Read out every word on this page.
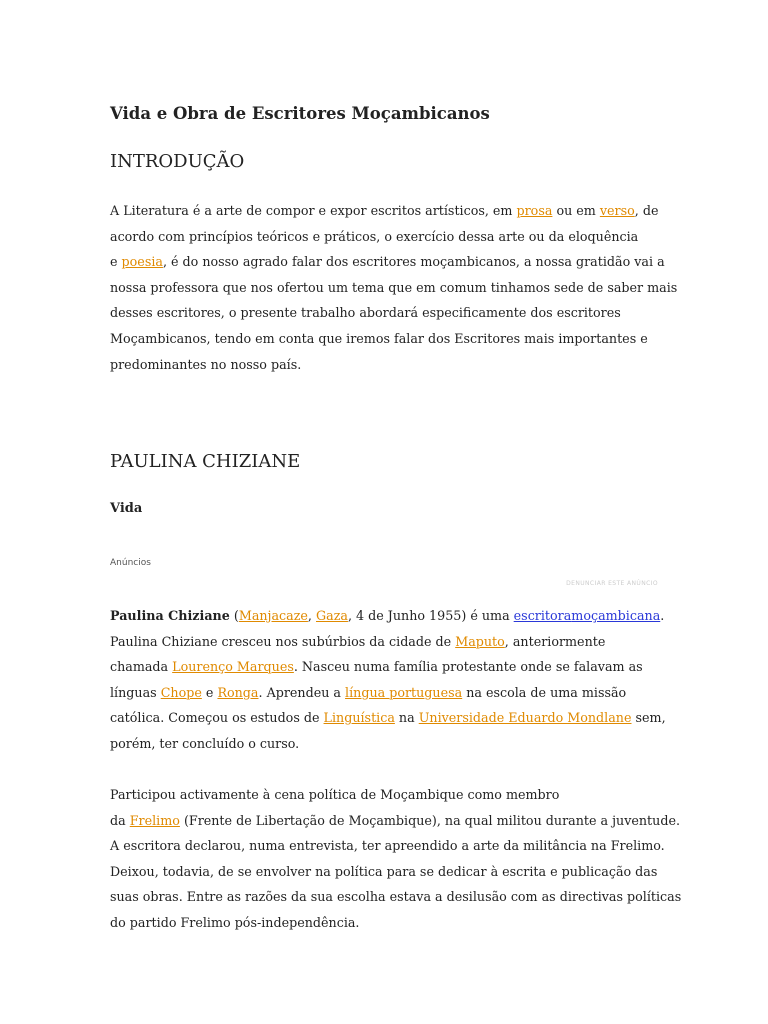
Vida e Obra de Escritores Moçambicanos
INTRODUÇÃO

A Literatura é a arte de compor e expor escritos artísticos, em prosa ou em verso, de
acordo com princípios teóricos e práticos, o exercício dessa arte ou da eloquência
e poesia, é do nosso agrado falar dos escritores moçambicanos, a nossa gratidão vai a
nossa professora que nos ofertou um tema que em comum tinhamos sede de saber mais
desses escritores, o presente trabalho abordará especificamente dos escritores
Moçambicanos, tendo em conta que iremos falar dos Escritores mais importantes e
predominantes no nosso país.

PAULINA CHIZIANE
Vida
Anúncios
DENUNCIAR ESTE ANÚNCIO

Paulina Chiziane (Manjacaze, Gaza, 4 de Junho 1955) é uma escritoramoçambicana.
Paulina Chiziane cresceu nos subúrbios da cidade de Maputo, anteriormente
chamada Lourenço Marques. Nasceu numa família protestante onde se falavam as
línguas Chope e Ronga. Aprendeu a língua portuguesa na escola de uma missão
católica. Começou os estudos de Linguística na Universidade Eduardo Mondlane sem,
porém, ter concluído o curso.

Participou activamente à cena política de Moçambique como membro
da Frelimo (Frente de Libertação de Moçambique), na qual militou durante a juventude.
A escritora declarou, numa entrevista, ter apreendido a arte da militância na Frelimo.
Deixou, todavia, de se envolver na política para se dedicar à escrita e publicação das
suas obras. Entre as razões da sua escolha estava a desilusão com as directivas políticas
do partido Frelimo pós-independência.
